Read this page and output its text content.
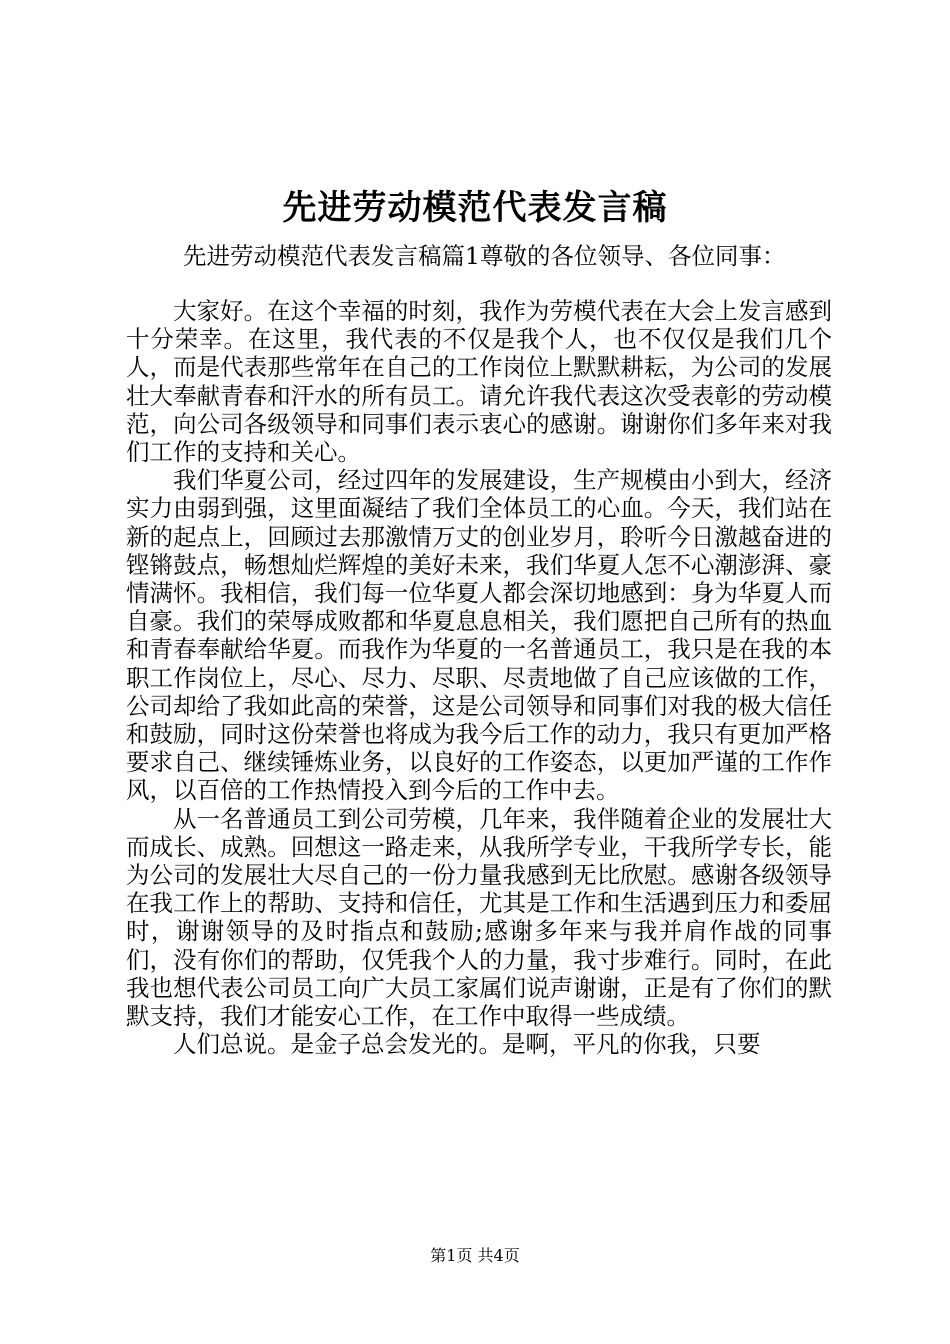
先进劳动模范代表发言稿
先进劳动模范代表发言稿篇1尊敬的各位领导、各位同事：

大家好。在这个幸福的时刻，我作为劳模代表在大会上发言感到十分荣幸。在这里，我代表的不仅是我个人，也不仅仅是我们几个人，而是代表那些常年在自己的工作岗位上默默耕耘，为公司的发展壮大奉献青春和汗水的所有员工。请允许我代表这次受表彰的劳动模范，向公司各级领导和同事们表示衷心的感谢。谢谢你们多年来对我们工作的支持和关心。

我们华夏公司，经过四年的发展建设，生产规模由小到大，经济实力由弱到强，这里面凝结了我们全体员工的心血。今天，我们站在新的起点上，回顾过去那激情万丈的创业岁月，聆听今日激越奋进的铿锵鼓点，畅想灿烂辉煌的美好未来，我们华夏人怎不心潮澎湃、豪情满怀。我相信，我们每一位华夏人都会深切地感到：身为华夏人而自豪。我们的荣辱成败都和华夏息息相关，我们愿把自己所有的热血和青春奉献给华夏。而我作为华夏的一名普通员工，我只是在我的本职工作岗位上，尽心、尽力、尽职、尽责地做了自己应该做的工作，公司却给了我如此高的荣誉，这是公司领导和同事们对我的极大信任和鼓励，同时这份荣誉也将成为我今后工作的动力，我只有更加严格要求自己、继续锤炼业务，以良好的工作姿态，以更加严谨的工作作风，以百倍的工作热情投入到今后的工作中去。

从一名普通员工到公司劳模，几年来，我伴随着企业的发展壮大而成长、成熟。回想这一路走来，从我所学专业，干我所学专长，能为公司的发展壮大尽自己的一份力量我感到无比欣慰。感谢各级领导在我工作上的帮助、支持和信任，尤其是工作和生活遇到压力和委屈时，谢谢领导的及时指点和鼓励;感谢多年来与我并肩作战的同事们，没有你们的帮助，仅凭我个人的力量，我寸步难行。同时，在此我也想代表公司员工向广大员工家属们说声谢谢，正是有了你们的默默支持，我们才能安心工作，在工作中取得一些成绩。

人们总说。是金子总会发光的。是啊，平凡的你我，只要

第1页 共4页
